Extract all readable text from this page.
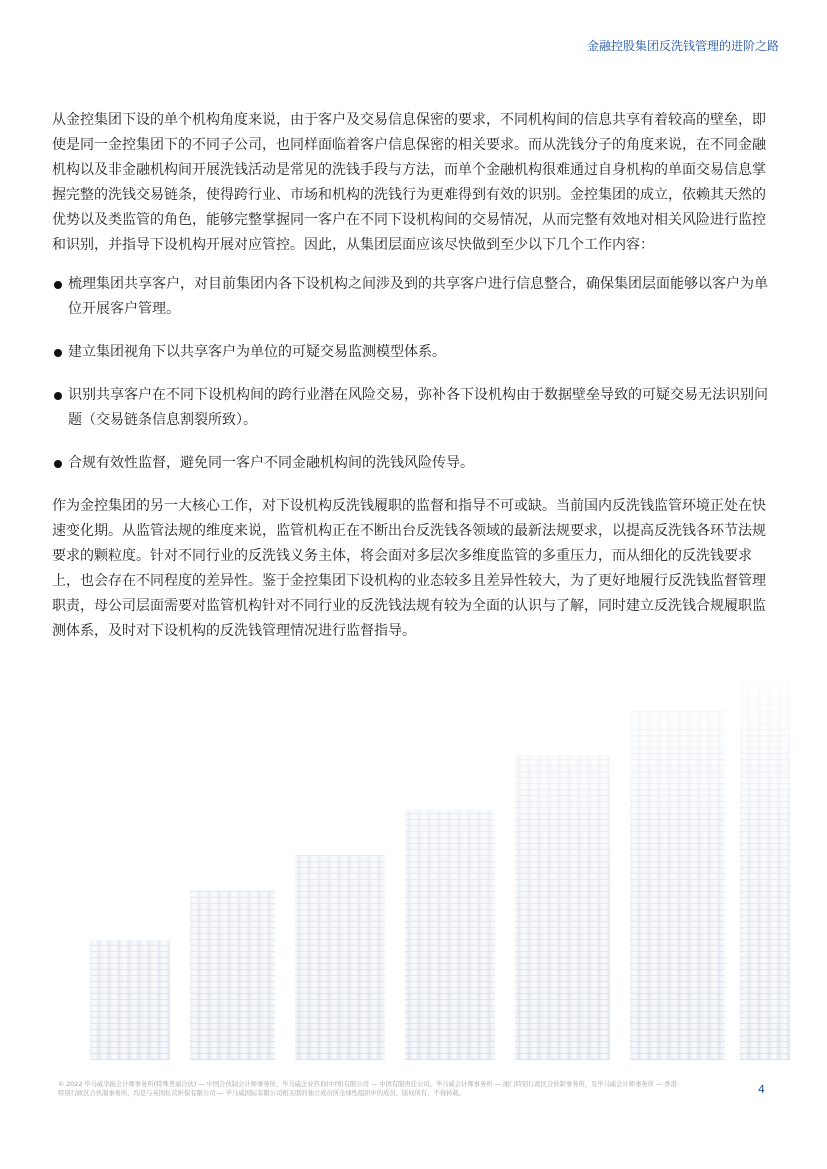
金融控股集团反洗钱管理的进阶之路

从金控集团下设的单个机构角度来说，由于客户及交易信息保密的要求，不同机构间的信息共享有着较高的壁垒，即使是同一金控集团下的不同子公司，也同样面临着客户信息保密的相关要求。而从洗钱分子的角度来说，在不同金融机构以及非金融机构间开展洗钱活动是常见的洗钱手段与方法，而单个金融机构很难通过自身机构的单面交易信息掌握完整的洗钱交易链条，使得跨行业、市场和机构的洗钱行为更难得到有效的识别。金控集团的成立，依赖其天然的优势以及类监管的角色，能够完整掌握同一客户在不同下设机构间的交易情况，从而完整有效地对相关风险进行监控和识别，并指导下设机构开展对应管控。因此，从集团层面应该尽快做到至少以下几个工作内容：

梳理集团共享客户，对目前集团内各下设机构之间涉及到的共享客户进行信息整合，确保集团层面能够以客户为单位开展客户管理。
建立集团视角下以共享客户为单位的可疑交易监测模型体系。
识别共享客户在不同下设机构间的跨行业潜在风险交易，弥补各下设机构由于数据壁垒导致的可疑交易无法识别问题（交易链条信息割裂所致）。
合规有效性监督，避免同一客户不同金融机构间的洗钱风险传导。

作为金控集团的另一大核心工作，对下设机构反洗钱履职的监督和指导不可或缺。当前国内反洗钱监管环境正处在快速变化期。从监管法规的维度来说，监管机构正在不断出台反洗钱各领域的最新法规要求，以提高反洗钱各环节法规要求的颗粒度。针对不同行业的反洗钱义务主体，将会面对多层次多维度监管的多重压力，而从细化的反洗钱要求上，也会存在不同程度的差异性。鉴于金控集团下设机构的业态较多且差异性较大，为了更好地履行反洗钱监督管理职责，母公司层面需要对监管机构针对不同行业的反洗钱法规有较为全面的认识与了解，同时建立反洗钱合规履职监测体系，及时对下设机构的反洗钱管理情况进行监督指导。

© 2022 毕马威华振会计师事务所(特殊普通合伙) — 中国合伙制会计师事务所，毕马威企业咨询(中国)有限公司 — 中国有限责任公司，毕马威会计师事务所 — 澳门特别行政区合伙制事务所，及毕马威会计师事务所 — 香港特别行政区合伙制事务所，均是与英国私营担保有限公司 — 毕马威国际有限公司相关联的独立成员所全球性组织中的成员。版权所有，不得转载。	4
